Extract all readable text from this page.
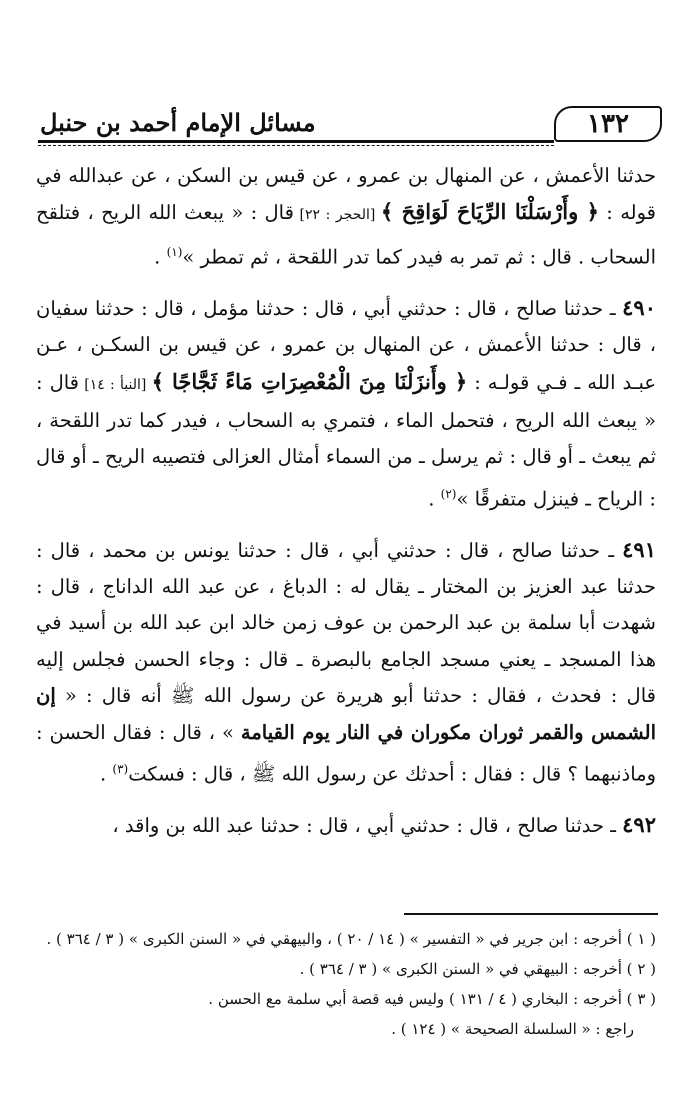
١٣٢
مسائل الإمام أحمد بن حنبل

حدثنا الأعمش ، عن المنهال بن عمرو ، عن قيس بن السكن ، عن عبدالله في قوله : ﴿ وأَرْسَلْنَا الرِّيَاحَ لَوَاقِحَ ﴾ [الحجر : ٢٢] قال : « يبعث الله الريح ، فتلقح السحاب . قال : ثم تمر به فيدر كما تدر اللقحة ، ثم تمطر »$^{(١)}$ .

٤٩٠ ـ حدثنا صالح ، قال : حدثني أبي ، قال : حدثنا مؤمل ، قال : حدثنا سفيان ، قال : حدثنا الأعمش ، عن المنهال بن عمرو ، عن قيس بن السكـن ، عـن عبـد الله ـ فـي قولـه : ﴿ وأَنزَلْنَا مِنَ الْمُعْصِرَاتِ مَاءً ثَجَّاجًا ﴾ [النبأ : ١٤] قال : « يبعث الله الريح ، فتحمل الماء ، فتمري به السحاب ، فيدر كما تدر اللقحة ، ثم يبعث ـ أو قال : ثم يرسل ـ من السماء أمثال العزالى فتصيبه الريح ـ أو قال : الرياح ـ فينزل متفرقًا »$^{(٢)}$ .

٤٩١ ـ حدثنا صالح ، قال : حدثني أبي ، قال : حدثنا يونس بن محمد ، قال : حدثنا عبد العزيز بن المختار ـ يقال له : الدباغ ، عن عبد الله الداناج ، قال : شهدت أبا سلمة بن عبد الرحمن بن عوف زمن خالد ابن عبد الله بن أسيد في هذا المسجد ـ يعني مسجد الجامع بالبصرة ـ قال : وجاء الحسن فجلس إليه قال : فحدث ، فقال : حدثنا أبو هريرة عن رسول الله ﷺ أنه قال : « إن الشمس والقمر ثوران مكوران في النار يوم القيامة » ، قال : فقال الحسن : وماذنبهما ؟ قال : فقال : أحدثك عن رسول الله ﷺ ، قال : فسكت$^{(٣)}$ .

٤٩٢ ـ حدثنا صالح ، قال : حدثني أبي ، قال : حدثنا عبد الله بن واقد ،

( ١ ) أخرجه : ابن جرير في « التفسير » ( ١٤ / ٢٠ ) ، والبيهقي في « السنن الكبرى » ( ٣ / ٣٦٤ ) .

( ٢ ) أخرجه : البيهقي في « السنن الكبرى » ( ٣ / ٣٦٤ ) .

( ٣ ) أخرجه : البخاري ( ٤ / ١٣١ ) وليس فيه قصة أبي سلمة مع الحسن .

راجع : « السلسلة الصحيحة » ( ١٢٤ ) .
